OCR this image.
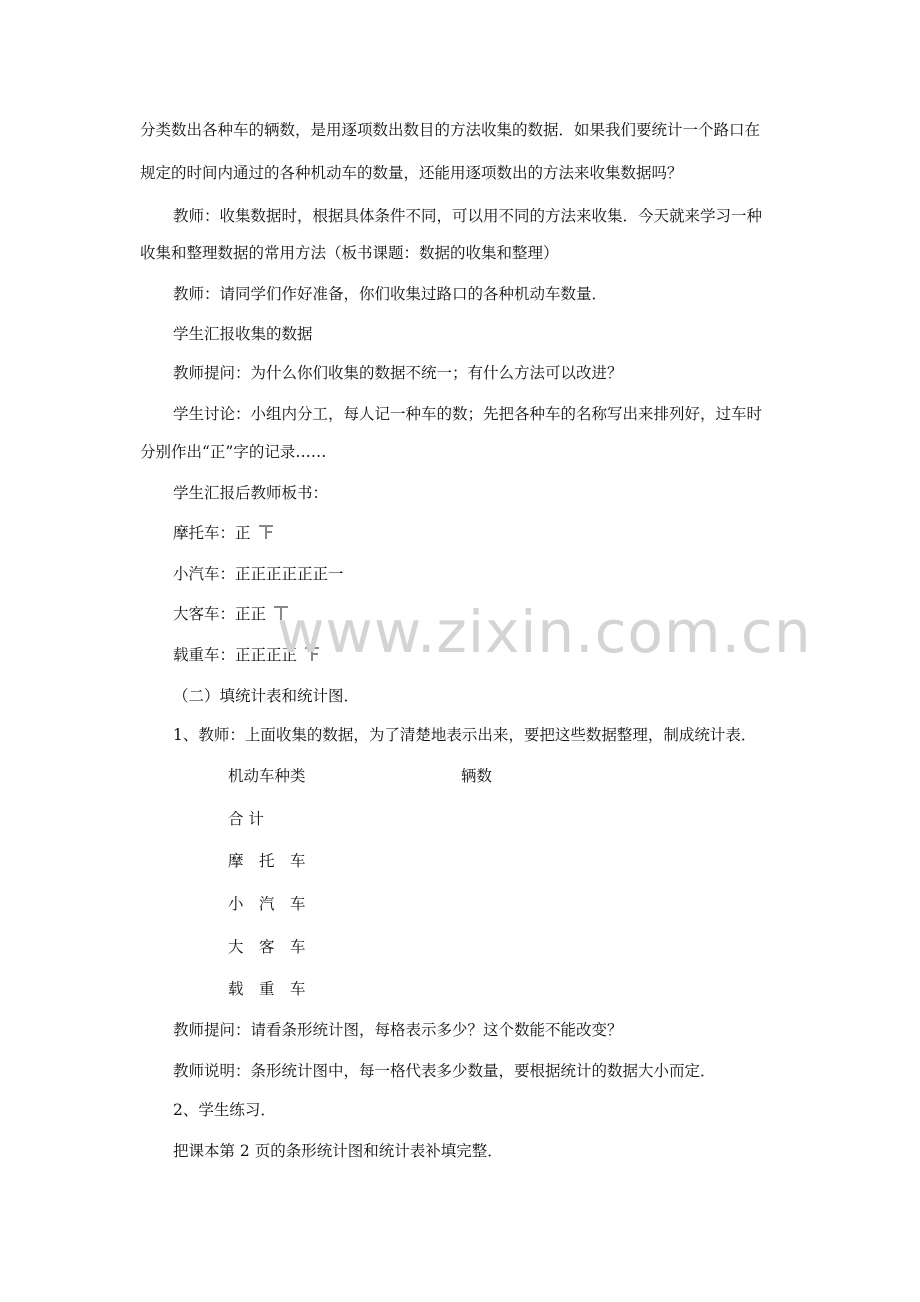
分类数出各种车的辆数，是用逐项数出数目的方法收集的数据．如果我们要统计一个路口在
规定的时间内通过的各种机动车的数量，还能用逐项数出的方法来收集数据吗？
教师：收集数据时，根据具体条件不同，可以用不同的方法来收集．今天就来学习一种
收集和整理数据的常用方法（板书课题：数据的收集和整理）
教师：请同学们作好准备，你们收集过路口的各种机动车数量．
学生汇报收集的数据
教师提问：为什么你们收集的数据不统一；有什么方法可以改进？
学生讨论：小组内分工，每人记一种车的数；先把各种车的名称写出来排列好，过车时
分别作出“正”字的记录……
学生汇报后教师板书：
摩托车：正
小汽车：正正正正正正一
大客车：正正
载重车：正正正正
（二）填统计表和统计图．
1、教师：上面收集的数据，为了清楚地表示出来，要把这些数据整理，制成统计表．
机动车种类	辆数
合 计
摩　托　车
小　汽　车
大　客　车
载　重　车
教师提问：请看条形统计图，每格表示多少？这个数能不能改变？
教师说明：条形统计图中，每一格代表多少数量，要根据统计的数据大小而定．
2、学生练习．
把课本第 2 页的条形统计图和统计表补填完整．
www.zixin.com.cn
